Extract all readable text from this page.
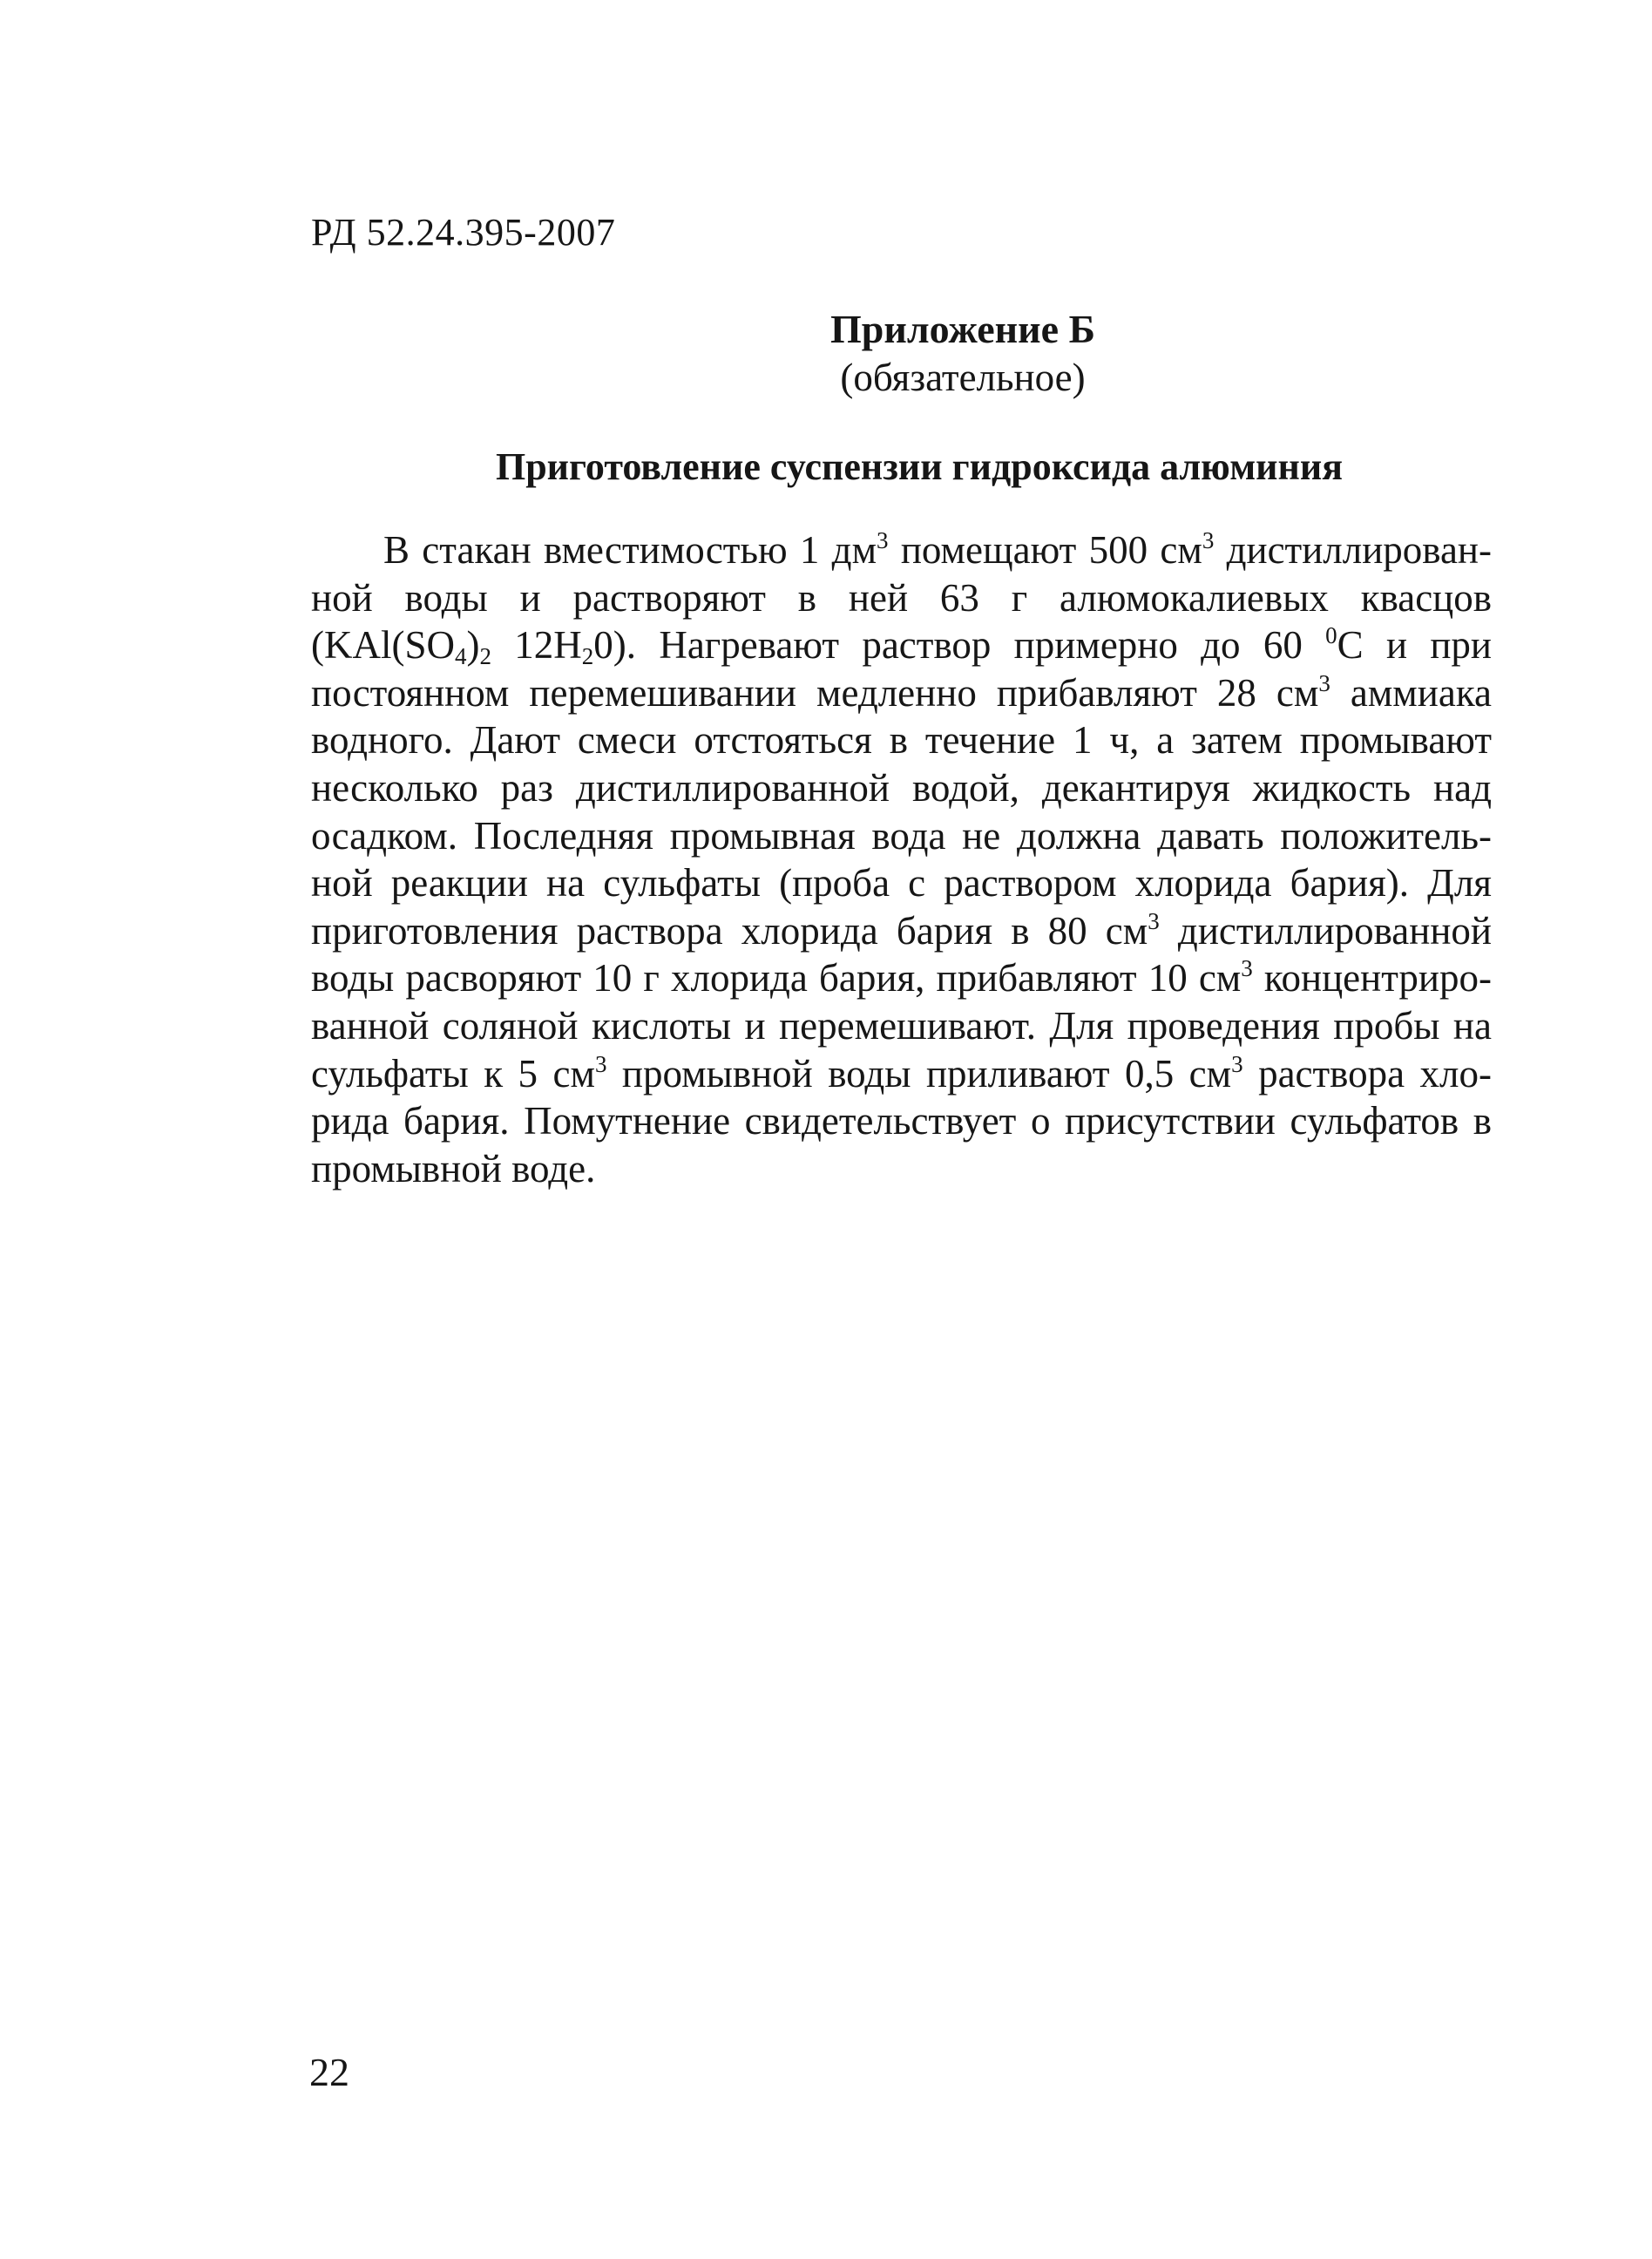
РД 52.24.395-2007
Приложение Б
(обязательное)
Приготовление суспензии гидроксида алюминия
В стакан вместимостью 1 $дм^3$ помещают 500 $см^3$ дистиллирован-
ной воды и растворяют в ней 63 г алюмокалиевых квасцов
($KAl(SO_4)_2$ $12H_20$). Нагревают раствор примерно до 60 $^0$С и при
постоянном перемешивании медленно прибавляют 28 $см^3$ аммиака
водного. Дают смеси отстояться в течение 1 ч, а затем промывают
несколько раз дистиллированной водой, декантируя жидкость над
осадком. Последняя промывная вода не должна давать положитель-
ной реакции на сульфаты (проба с раствором хлорида бария). Для
приготовления раствора хлорида бария в 80 $см^3$ дистиллированной
воды расворяют 10 г хлорида бария, прибавляют 10 $см^3$ концентриро-
ванной соляной кислоты и перемешивают. Для проведения пробы на
сульфаты к 5 $см^3$ промывной воды приливают 0,5 $см^3$ раствора хло-
рида бария. Помутнение свидетельствует о присутствии сульфатов в
промывной воде.
22
